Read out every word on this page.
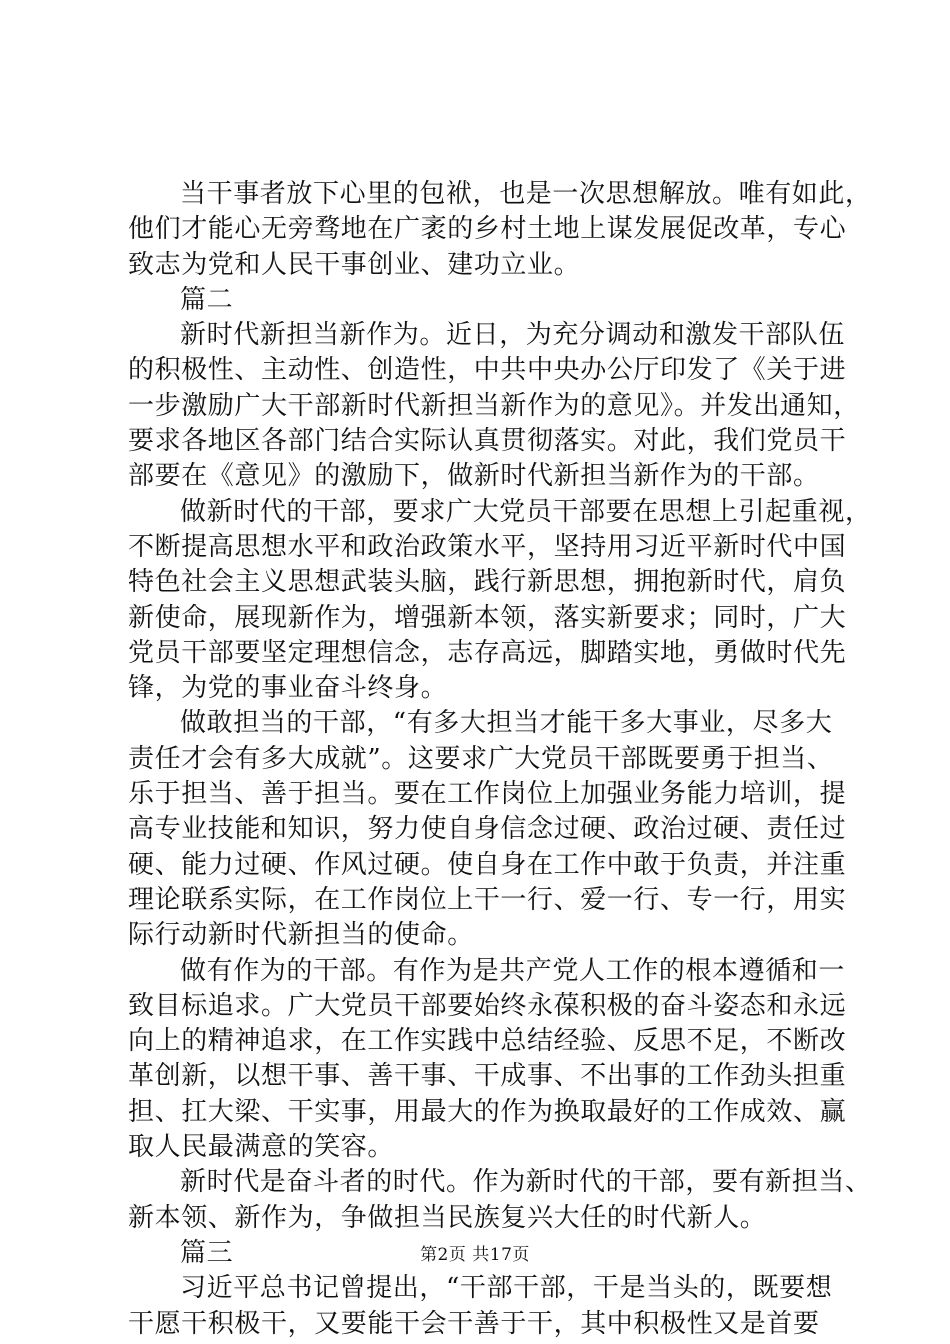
当干事者放下心里的包袱，也是一次思想解放。唯有如此，
他们才能心无旁骛地在广袤的乡村土地上谋发展促改革，专心
致志为党和人民干事创业、建功立业。
篇二
新时代新担当新作为。近日，为充分调动和激发干部队伍
的积极性、主动性、创造性，中共中央办公厅印发了《关于进
一步激励广大干部新时代新担当新作为的意见》。并发出通知，
要求各地区各部门结合实际认真贯彻落实。对此，我们党员干
部要在《意见》的激励下，做新时代新担当新作为的干部。
做新时代的干部，要求广大党员干部要在思想上引起重视，
不断提高思想水平和政治政策水平，坚持用习近平新时代中国
特色社会主义思想武装头脑，践行新思想，拥抱新时代，肩负
新使命，展现新作为，增强新本领，落实新要求；同时，广大
党员干部要坚定理想信念，志存高远，脚踏实地，勇做时代先
锋，为党的事业奋斗终身。
做敢担当的干部，“有多大担当才能干多大事业，尽多大
责任才会有多大成就”。这要求广大党员干部既要勇于担当、
乐于担当、善于担当。要在工作岗位上加强业务能力培训，提
高专业技能和知识，努力使自身信念过硬、政治过硬、责任过
硬、能力过硬、作风过硬。使自身在工作中敢于负责，并注重
理论联系实际，在工作岗位上干一行、爱一行、专一行，用实
际行动新时代新担当的使命。
做有作为的干部。有作为是共产党人工作的根本遵循和一
致目标追求。广大党员干部要始终永葆积极的奋斗姿态和永远
向上的精神追求，在工作实践中总结经验、反思不足，不断改
革创新，以想干事、善干事、干成事、不出事的工作劲头担重
担、扛大梁、干实事，用最大的作为换取最好的工作成效、赢
取人民最满意的笑容。
新时代是奋斗者的时代。作为新时代的干部，要有新担当、
新本领、新作为，争做担当民族复兴大任的时代新人。
篇三
习近平总书记曾提出，“干部干部，干是当头的，既要想
干愿干积极干，又要能干会干善于干，其中积极性又是首要
第2页 共17页
